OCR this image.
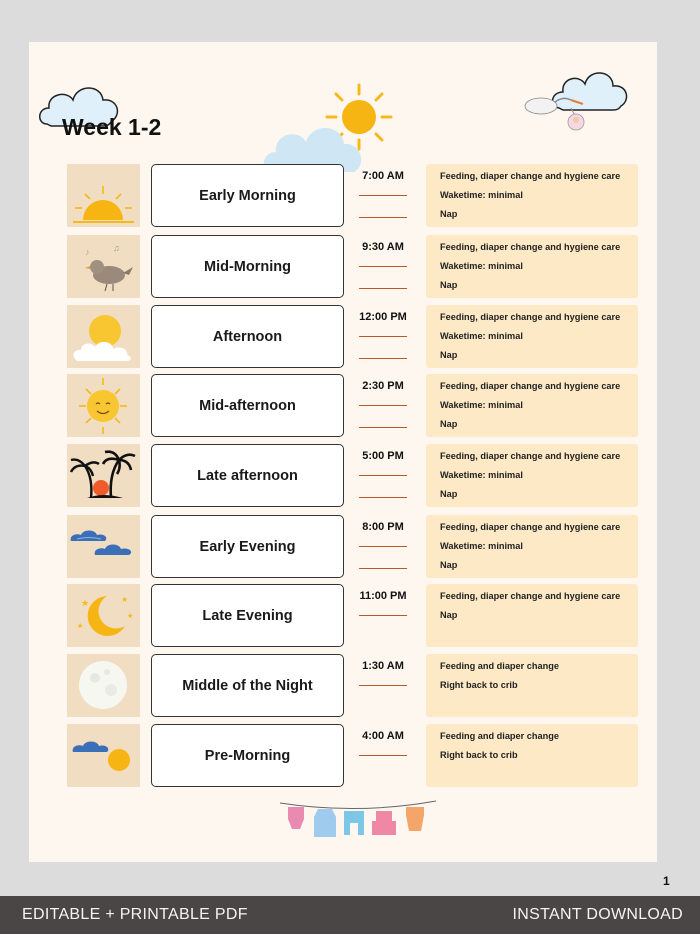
Week 1-2
Early Morning
7:00 AM	Feeding, diaper change and hygiene care
Waketime: minimal
Nap
♪	♫
Mid-Morning
9:30 AM	Feeding, diaper change and hygiene care
Waketime: minimal
Nap
Afternoon
12:00 PM	Feeding, diaper change and hygiene care
Waketime: minimal
Nap
Mid-afternoon
2:30 PM	Feeding, diaper change and hygiene care
Waketime: minimal
Nap
Late afternoon
5:00 PM	Feeding, diaper change and hygiene care
Waketime: minimal
Nap
Early Evening
8:00 PM	Feeding, diaper change and hygiene care
Waketime: minimal
Nap
★	★
★
★
Late Evening
11:00 PM	Feeding, diaper change and hygiene care
Nap
Middle of the Night
1:30 AM	Feeding and diaper change
Right back to crib
Pre-Morning
4:00 AM	Feeding and diaper change
Right back to crib
1
EDITABLE + PRINTABLE PDF	INSTANT DOWNLOAD
